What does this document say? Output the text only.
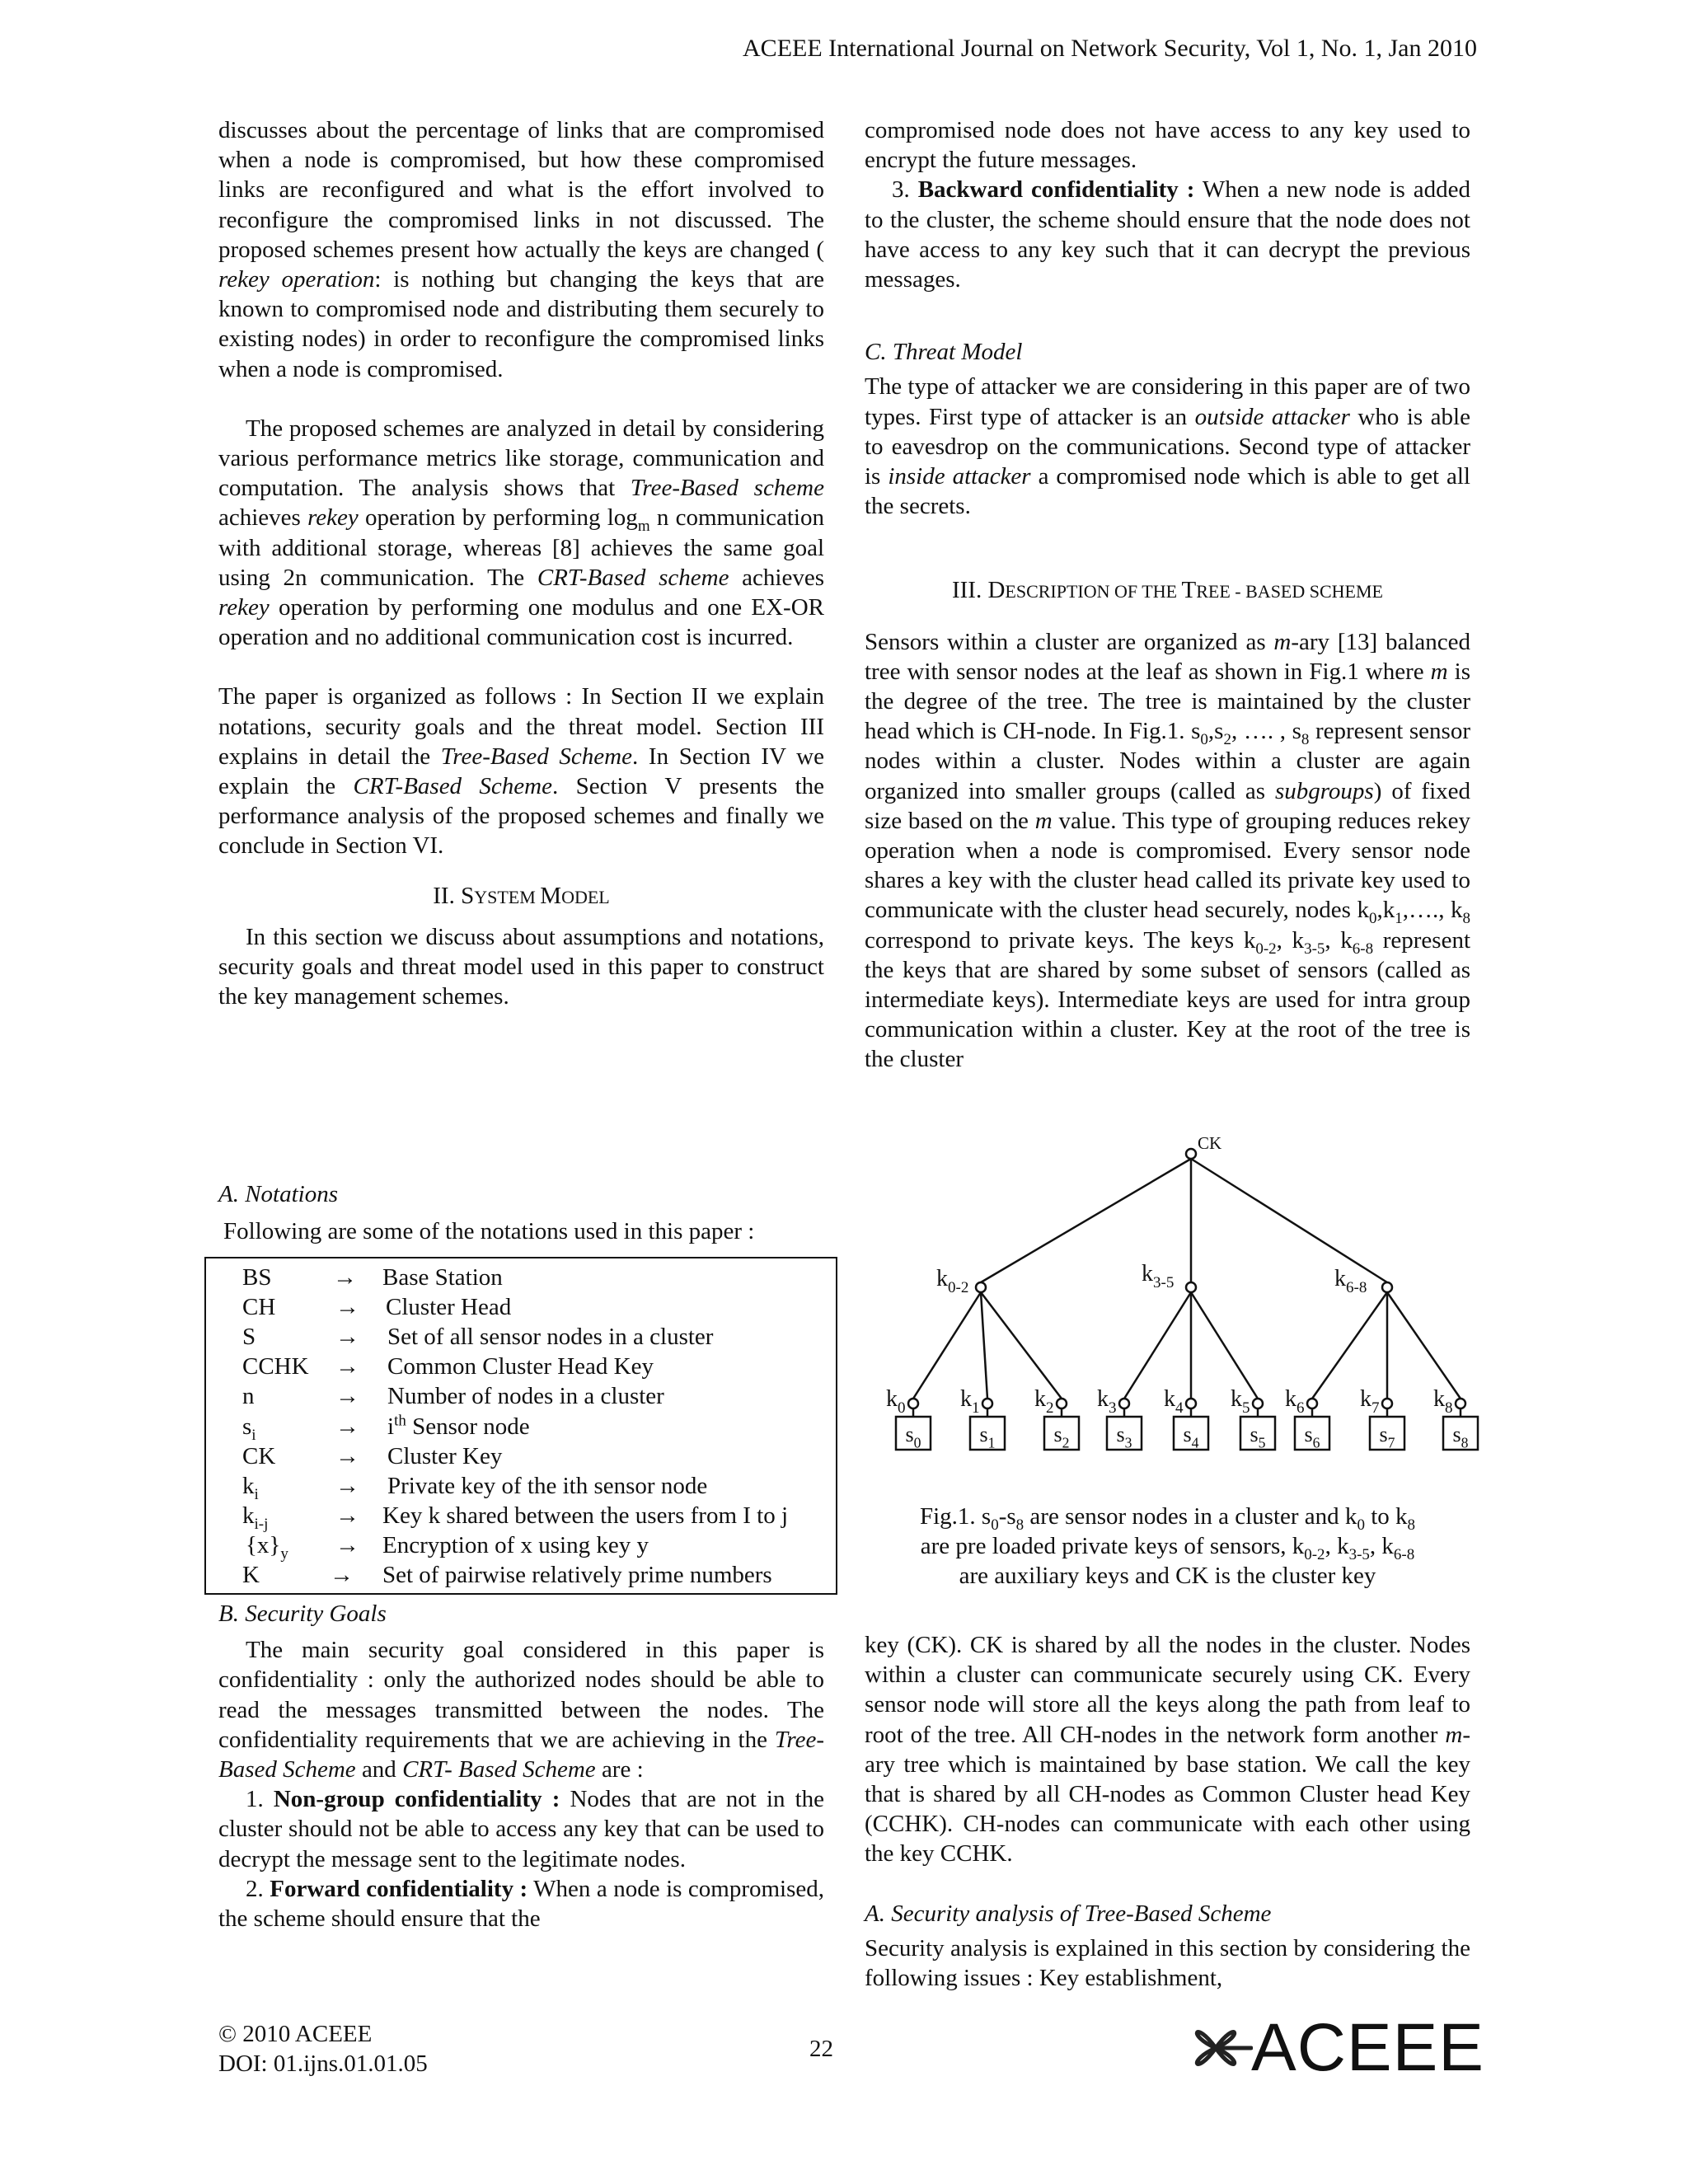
ACEEE International Journal on Network Security, Vol 1, No. 1, Jan 2010

discusses about the percentage of links that are compromised when a node is compromised, but how these compromised links are reconfigured and what is the effort involved to reconfigure the compromised links in not discussed. The proposed schemes present how actually the keys are changed ( rekey operation: is nothing but changing the keys that are known to compromised node and distributing them securely to existing nodes) in order to reconfigure the compromised links when a node is compromised.

The proposed schemes are analyzed in detail by considering various performance metrics like storage, communication and computation. The analysis shows that Tree-Based scheme achieves rekey operation by performing $\log_m n$ communication with additional storage, whereas [8] achieves the same goal using 2n communication. The CRT-Based scheme achieves rekey operation by performing one modulus and one EX-OR operation and no additional communication cost is incurred.

The paper is organized as follows : In Section II we explain notations, security goals and the threat model. Section III explains in detail the Tree-Based Scheme. In Section IV we explain the CRT-Based Scheme. Section V presents the performance analysis of the proposed schemes and finally we conclude in Section VI.

II. SYSTEM MODEL

In this section we discuss about assumptions and notations, security goals and threat model used in this paper to construct the key management schemes.

A. Notations
Following are some of the notations used in this paper :
BS	→ Base Station
CH	→ Cluster Head
S	→ Set of all sensor nodes in a cluster
CCHK → Common Cluster Head Key
n	→ Number of nodes in a cluster
$s_i$	→ $i^{th}$ Sensor node
CK	→ Cluster Key
$k_i$	→ Private key of the ith sensor node
$k_{i-j}$	→ Key k shared between the users from I to j
$\{x\}_y$ → Encryption of x using key y
K	→ Set of pairwise relatively prime numbers
B. Security Goals

The main security goal considered in this paper is confidentiality : only the authorized nodes should be able to read the messages transmitted between the nodes. The confidentiality requirements that we are achieving in the Tree-Based Scheme and CRT- Based Scheme are :

1. Non-group confidentiality : Nodes that are not in the cluster should not be able to access any key that can be used to decrypt the message sent to the legitimate nodes.

2. Forward confidentiality : When a node is compromised, the scheme should ensure that the

compromised node does not have access to any key used to encrypt the future messages.

3. Backward confidentiality : When a new node is added to the cluster, the scheme should ensure that the node does not have access to any key such that it can decrypt the previous messages.

C. Threat Model

The type of attacker we are considering in this paper are of two types. First type of attacker is an outside attacker who is able to eavesdrop on the communications. Second type of attacker is inside attacker a compromised node which is able to get all the secrets.

III. DESCRIPTION OF THE TREE - BASED SCHEME

Sensors within a cluster are organized as m-ary [13] balanced tree with sensor nodes at the leaf as shown in Fig.1 where m is the degree of the tree. The tree is maintained by the cluster head which is CH-node. In Fig.1. $s_0,s_2$, …. , $s_8$ represent sensor nodes within a cluster. Nodes within a cluster are again organized into smaller groups (called as subgroups) of fixed size based on the m value. This type of grouping reduces rekey operation when a node is compromised. Every sensor node shares a key with the cluster head called its private key used to communicate with the cluster head securely, nodes $k_0,k_1,\dots$., $k_8$ correspond to private keys. The keys $k_{0-2}$, $k_{3-5}$, $k_{6-8}$ represent the keys that are shared by some subset of sensors (called as intermediate keys). Intermediate keys are used for intra group communication within a cluster. Key at the root of the tree is the cluster

$s_0$	$s_1$	$s_2$ $s_3$ $s_4$ $s_5$ $s_6$	$s_7$	$s_8$
CK
$k_{0-2}$
$k_{3-5}$	$k_{6-8}$
$k_0$ $k_1$ $k_2$ $k_3$ $k_4$ $k_5$ $k_6$ $k_7$ $k_8$
Fig.1. $s_0-s_8$ are sensor nodes in a cluster and $k_0$ to $k_8$
are pre loaded private keys of sensors, $k_{0-2}$, $k_{3-5}$, $k_{6-8}$
are auxiliary keys and CK is the cluster key

key (CK). CK is shared by all the nodes in the cluster. Nodes within a cluster can communicate securely using CK. Every sensor node will store all the keys along the path from leaf to root of the tree. All CH-nodes in the network form another m-ary tree which is maintained by base station. We call the key that is shared by all CH-nodes as Common Cluster head Key (CCHK). CH-nodes can communicate with each other using the key CCHK.

A. Security analysis of Tree-Based Scheme

Security analysis is explained in this section by considering the following issues : Key establishment,

© 2010 ACEEE
DOI: 01.ijns.01.01.05
22	ACEEE
